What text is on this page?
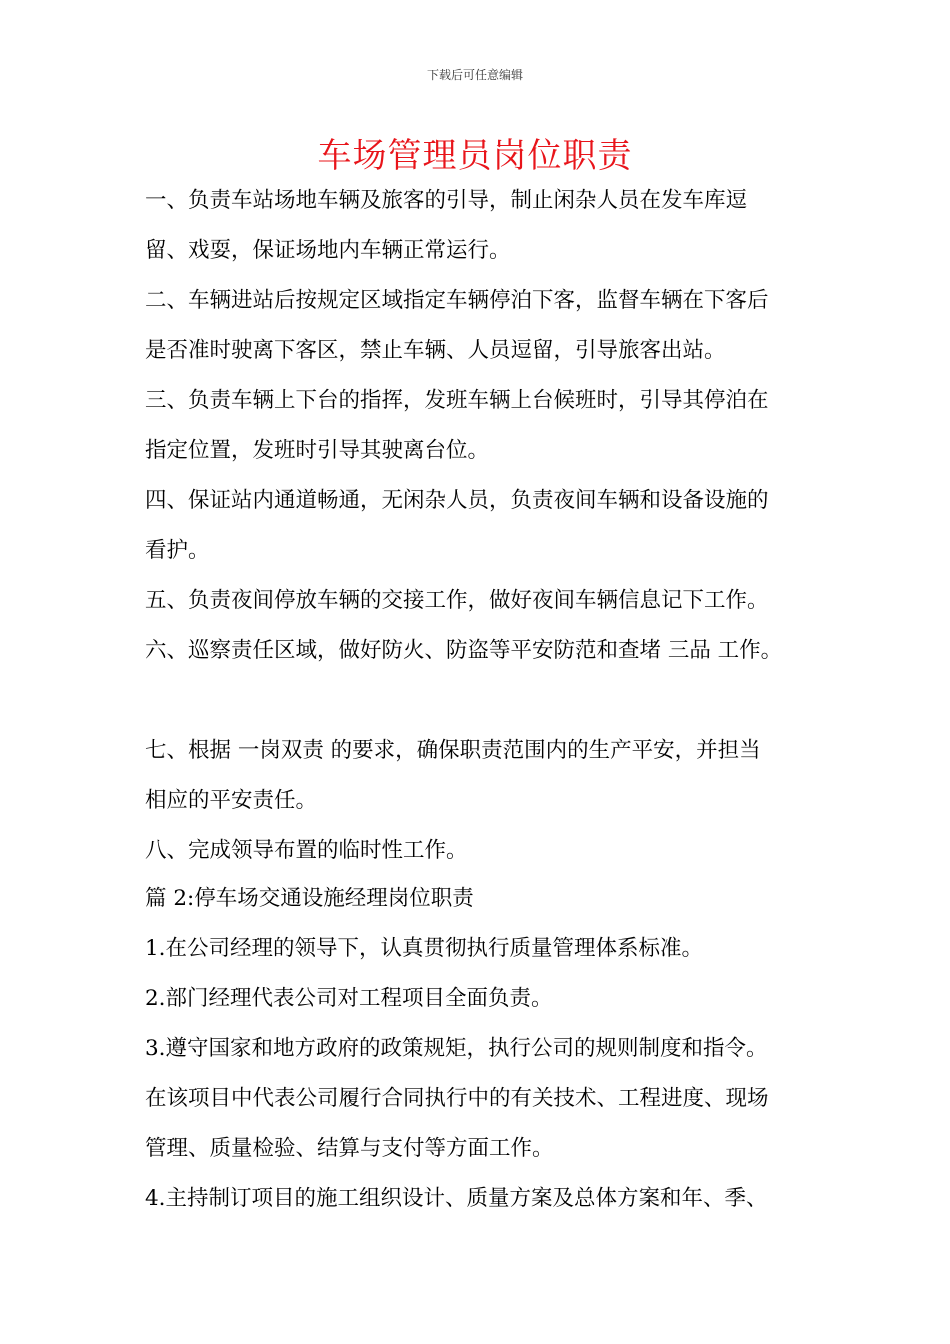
下载后可任意编辑
车场管理员岗位职责
一、负责车站场地车辆及旅客的引导，制止闲杂人员在发车库逗
留、戏耍，保证场地内车辆正常运行。
二、车辆进站后按规定区域指定车辆停泊下客，监督车辆在下客后
是否准时驶离下客区，禁止车辆、人员逗留，引导旅客出站。
三、负责车辆上下台的指挥，发班车辆上台候班时，引导其停泊在
指定位置，发班时引导其驶离台位。
四、保证站内通道畅通，无闲杂人员，负责夜间车辆和设备设施的
看护。
五、负责夜间停放车辆的交接工作，做好夜间车辆信息记下工作。
六、巡察责任区域，做好防火、防盗等平安防范和查堵 三品 工作。
七、根据 一岗双责 的要求，确保职责范围内的生产平安，并担当
相应的平安责任。
八、完成领导布置的临时性工作。
篇 2:停车场交通设施经理岗位职责
1.在公司经理的领导下，认真贯彻执行质量管理体系标准。
2.部门经理代表公司对工程项目全面负责。
3.遵守国家和地方政府的政策规矩，执行公司的规则制度和指令。
在该项目中代表公司履行合同执行中的有关技术、工程进度、现场
管理、质量检验、结算与支付等方面工作。
4.主持制订项目的施工组织设计、质量方案及总体方案和年、季、
